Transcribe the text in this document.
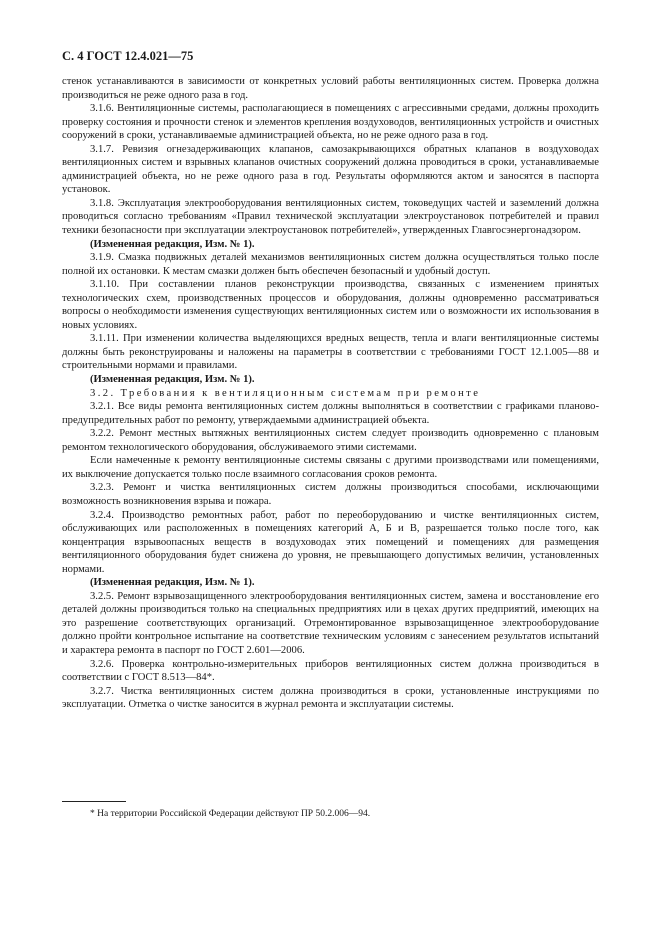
С. 4 ГОСТ 12.4.021—75

стенок устанавливаются в зависимости от конкретных условий работы вентиляционных систем. Проверка должна производиться не реже одного раза в год.

3.1.6. Вентиляционные системы, располагающиеся в помещениях с агрессивными средами, должны проходить проверку состояния и прочности стенок и элементов крепления воздуховодов, вентиляционных устройств и очистных сооружений в сроки, устанавливаемые администрацией объекта, но не реже одного раза в год.

3.1.7. Ревизия огнезадерживающих клапанов, самозакрывающихся обратных клапанов в воздуховодах вентиляционных систем и взрывных клапанов очистных сооружений должна проводиться в сроки, устанавливаемые администрацией объекта, но не реже одного раза в год. Результаты оформляются актом и заносятся в паспорта установок.

3.1.8. Эксплуатация электрооборудования вентиляционных систем, токоведущих частей и заземлений должна проводиться согласно требованиям «Правил технической эксплуатации электроустановок потребителей и правил техники безопасности при эксплуатации электроустановок потребителей», утвержденных Главгосэнергонадзором.

(Измененная редакция, Изм. № 1).

3.1.9. Смазка подвижных деталей механизмов вентиляционных систем должна осуществляться только после полной их остановки. К местам смазки должен быть обеспечен безопасный и удобный доступ.

3.1.10. При составлении планов реконструкции производства, связанных с изменением принятых технологических схем, производственных процессов и оборудования, должны одновременно рассматриваться вопросы о необходимости изменения существующих вентиляционных систем или о возможности их использования в новых условиях.

3.1.11. При изменении количества выделяющихся вредных веществ, тепла и влаги вентиляционные системы должны быть реконструированы и наложены на параметры в соответствии с требованиями ГОСТ 12.1.005—88 и строительными нормами и правилами.

(Измененная редакция, Изм. № 1).

3.2. Требования к вентиляционным системам при ремонте

3.2.1. Все виды ремонта вентиляционных систем должны выполняться в соответствии с графиками планово-предупредительных работ по ремонту, утверждаемыми администрацией объекта.

3.2.2. Ремонт местных вытяжных вентиляционных систем следует производить одновременно с плановым ремонтом технологического оборудования, обслуживаемого этими системами.

Если намеченные к ремонту вентиляционные системы связаны с другими производствами или помещениями, их выключение допускается только после взаимного согласования сроков ремонта.

3.2.3. Ремонт и чистка вентиляционных систем должны производиться способами, исключающими возможность возникновения взрыва и пожара.

3.2.4. Производство ремонтных работ, работ по переоборудованию и чистке вентиляционных систем, обслуживающих или расположенных в помещениях категорий А, Б и В, разрешается только после того, как концентрация взрывоопасных веществ в воздуховодах этих помещений и помещениях для размещения вентиляционного оборудования будет снижена до уровня, не превышающего допустимых величин, установленных нормами.

(Измененная редакция, Изм. № 1).

3.2.5. Ремонт взрывозащищенного электрооборудования вентиляционных систем, замена и восстановление его деталей должны производиться только на специальных предприятиях или в цехах других предприятий, имеющих на это разрешение соответствующих организаций. Отремонтированное взрывозащищенное электрооборудование должно пройти контрольное испытание на соответствие техническим условиям с занесением результатов испытаний и характера ремонта в паспорт по ГОСТ 2.601—2006.

3.2.6. Проверка контрольно-измерительных приборов вентиляционных систем должна производиться в соответствии с ГОСТ 8.513—84*.

3.2.7. Чистка вентиляционных систем должна производиться в сроки, установленные инструкциями по эксплуатации. Отметка о чистке заносится в журнал ремонта и эксплуатации системы.

* На территории Российской Федерации действуют ПР 50.2.006—94.
